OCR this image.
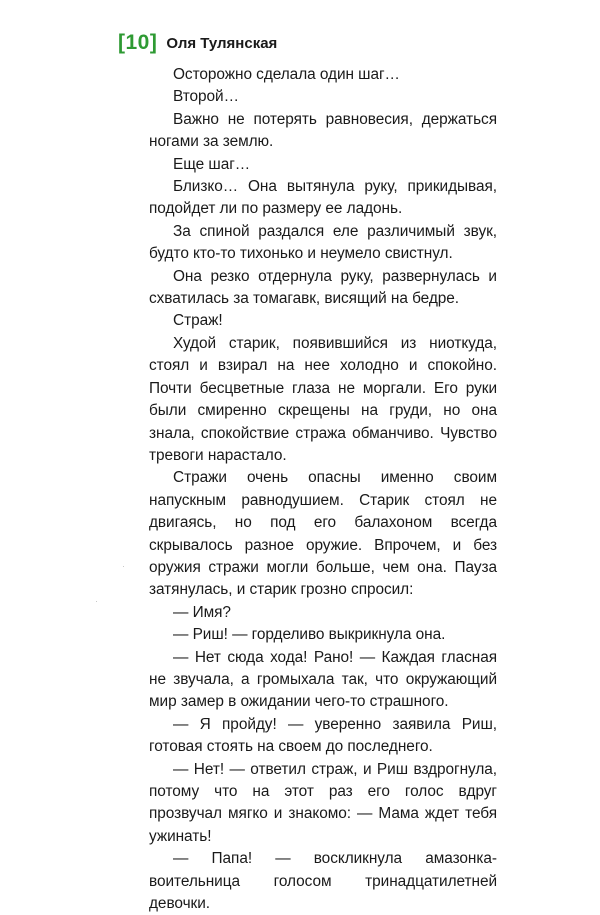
[10] Оля Тулянская

Осторожно сделала один шаг…

Второй…

Важно не потерять равновесия, держаться ногами за землю.

Еще шаг…

Близко… Она вытянула руку, прикидывая, подойдет ли по размеру ее ладонь.

За спиной раздался еле различимый звук, будто кто-то тихонько и неумело свистнул.

Она резко отдернула руку, развернулась и схватилась за томагавк, висящий на бедре.

Страж!

Худой старик, появившийся из ниоткуда, стоял и взирал на нее холодно и спокойно. Почти бесцветные глаза не моргали. Его руки были смиренно скрещены на груди, но она знала, спокойствие стража обманчиво. Чувство тревоги нарастало.

Стражи очень опасны именно своим напускным равнодушием. Старик стоял не двигаясь, но под его балахоном всегда скрывалось разное оружие. Впрочем, и без оружия стражи могли больше, чем она. Пауза затянулась, и старик грозно спросил:

— Имя?

— Риш! — горделиво выкрикнула она.

— Нет сюда хода! Рано! — Каждая гласная не звучала, а громыхала так, что окружающий мир замер в ожидании чего-то страшного.

— Я пройду! — уверенно заявила Риш, готовая стоять на своем до последнего.

— Нет! — ответил страж, и Риш вздрогнула, потому что на этот раз его голос вдруг прозвучал мягко и знакомо: — Мама ждет тебя ужинать!

— Папа! — воскликнула амазонка-воительница голосом тринадцатилетней девочки.
